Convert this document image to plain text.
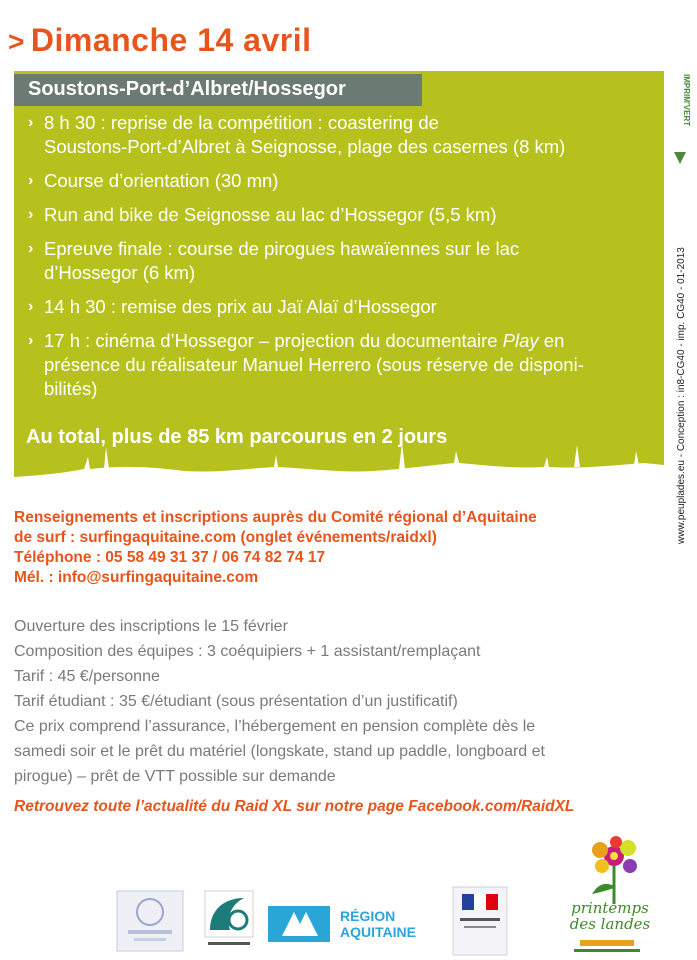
> Dimanche 14 avril
Soustons-Port-d’Albret/Hossegor
› 8 h 30 : reprise de la compétition : coastering de
Soustons-Port-d’Albret à Seignosse, plage des casernes (8 km)
› Course d’orientation (30 mn)
› Run and bike de Seignosse au lac d’Hossegor (5,5 km)
› Epreuve finale : course de pirogues hawaïennes sur le lac
d’Hossegor (6 km)
› 14 h 30 : remise des prix au Jaï Alaï d’Hossegor
› 17 h : cinéma d’Hossegor – projection du documentaire Play en
présence du réalisateur Manuel Herrero (sous réserve de disponi-
bilités)
Au total, plus de 85 km parcourus en 2 jours
IMPRIM'VERT
www.peuplades.eu - Conception : in8-CG40 - imp. CG40 - 01-2013
Renseignements et inscriptions auprès du Comité régional d’Aquitaine
de surf : surfingaquitaine.com (onglet événements/raidxl)
Téléphone : 05 58 49 31 37 / 06 74 82 74 17
Mél. : info@surfingaquitaine.com
Ouverture des inscriptions le 15 février
Composition des équipes : 3 coéquipiers + 1 assistant/remplaçant
Tarif : 45 €/personne
Tarif étudiant : 35 €/étudiant (sous présentation d’un justificatif)
Ce prix comprend l’assurance, l’hébergement en pension complète dès le
samedi soir et le prêt du matériel (longskate, stand up paddle, longboard et
pirogue) – prêt de VTT possible sur demande
Retrouvez toute l’actualité du Raid XL sur notre page Facebook.com/RaidXL
RÉGION
AQUITAINE
printemps
des landes
